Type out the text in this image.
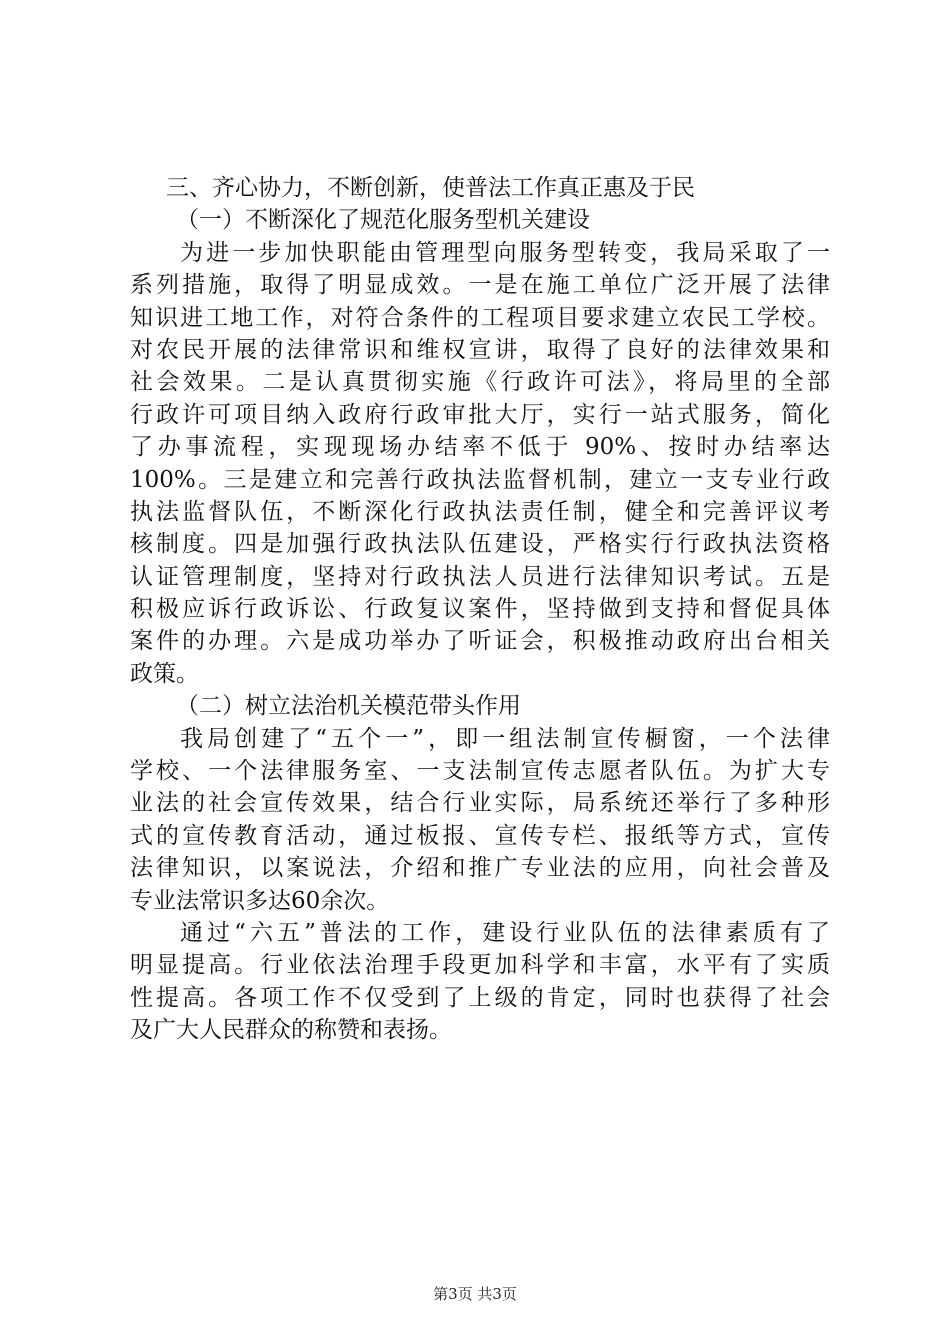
三、齐心协力，不断创新，使普法工作真正惠及于民
（一）不断深化了规范化服务型机关建设
为进一步加快职能由管理型向服务型转变，我局采取了一
系列措施，取得了明显成效。一是在施工单位广泛开展了法律
知识进工地工作，对符合条件的工程项目要求建立农民工学校。
对农民开展的法律常识和维权宣讲，取得了良好的法律效果和
社会效果。二是认真贯彻实施《行政许可法》，将局里的全部
行政许可项目纳入政府行政审批大厅，实行一站式服务，简化
了办事流程，实现现场办结率不低于 90%、按时办结率达
100%。三是建立和完善行政执法监督机制，建立一支专业行政
执法监督队伍，不断深化行政执法责任制，健全和完善评议考
核制度。四是加强行政执法队伍建设，严格实行行政执法资格
认证管理制度，坚持对行政执法人员进行法律知识考试。五是
积极应诉行政诉讼、行政复议案件，坚持做到支持和督促具体
案件的办理。六是成功举办了听证会，积极推动政府出台相关
政策。
（二）树立法治机关模范带头作用
我局创建了“五个一”，即一组法制宣传橱窗，一个法律
学校、一个法律服务室、一支法制宣传志愿者队伍。为扩大专
业法的社会宣传效果，结合行业实际，局系统还举行了多种形
式的宣传教育活动，通过板报、宣传专栏、报纸等方式，宣传
法律知识，以案说法，介绍和推广专业法的应用，向社会普及
专业法常识多达60余次。
通过“六五”普法的工作，建设行业队伍的法律素质有了
明显提高。行业依法治理手段更加科学和丰富，水平有了实质
性提高。各项工作不仅受到了上级的肯定，同时也获得了社会
及广大人民群众的称赞和表扬。
第3页 共3页
